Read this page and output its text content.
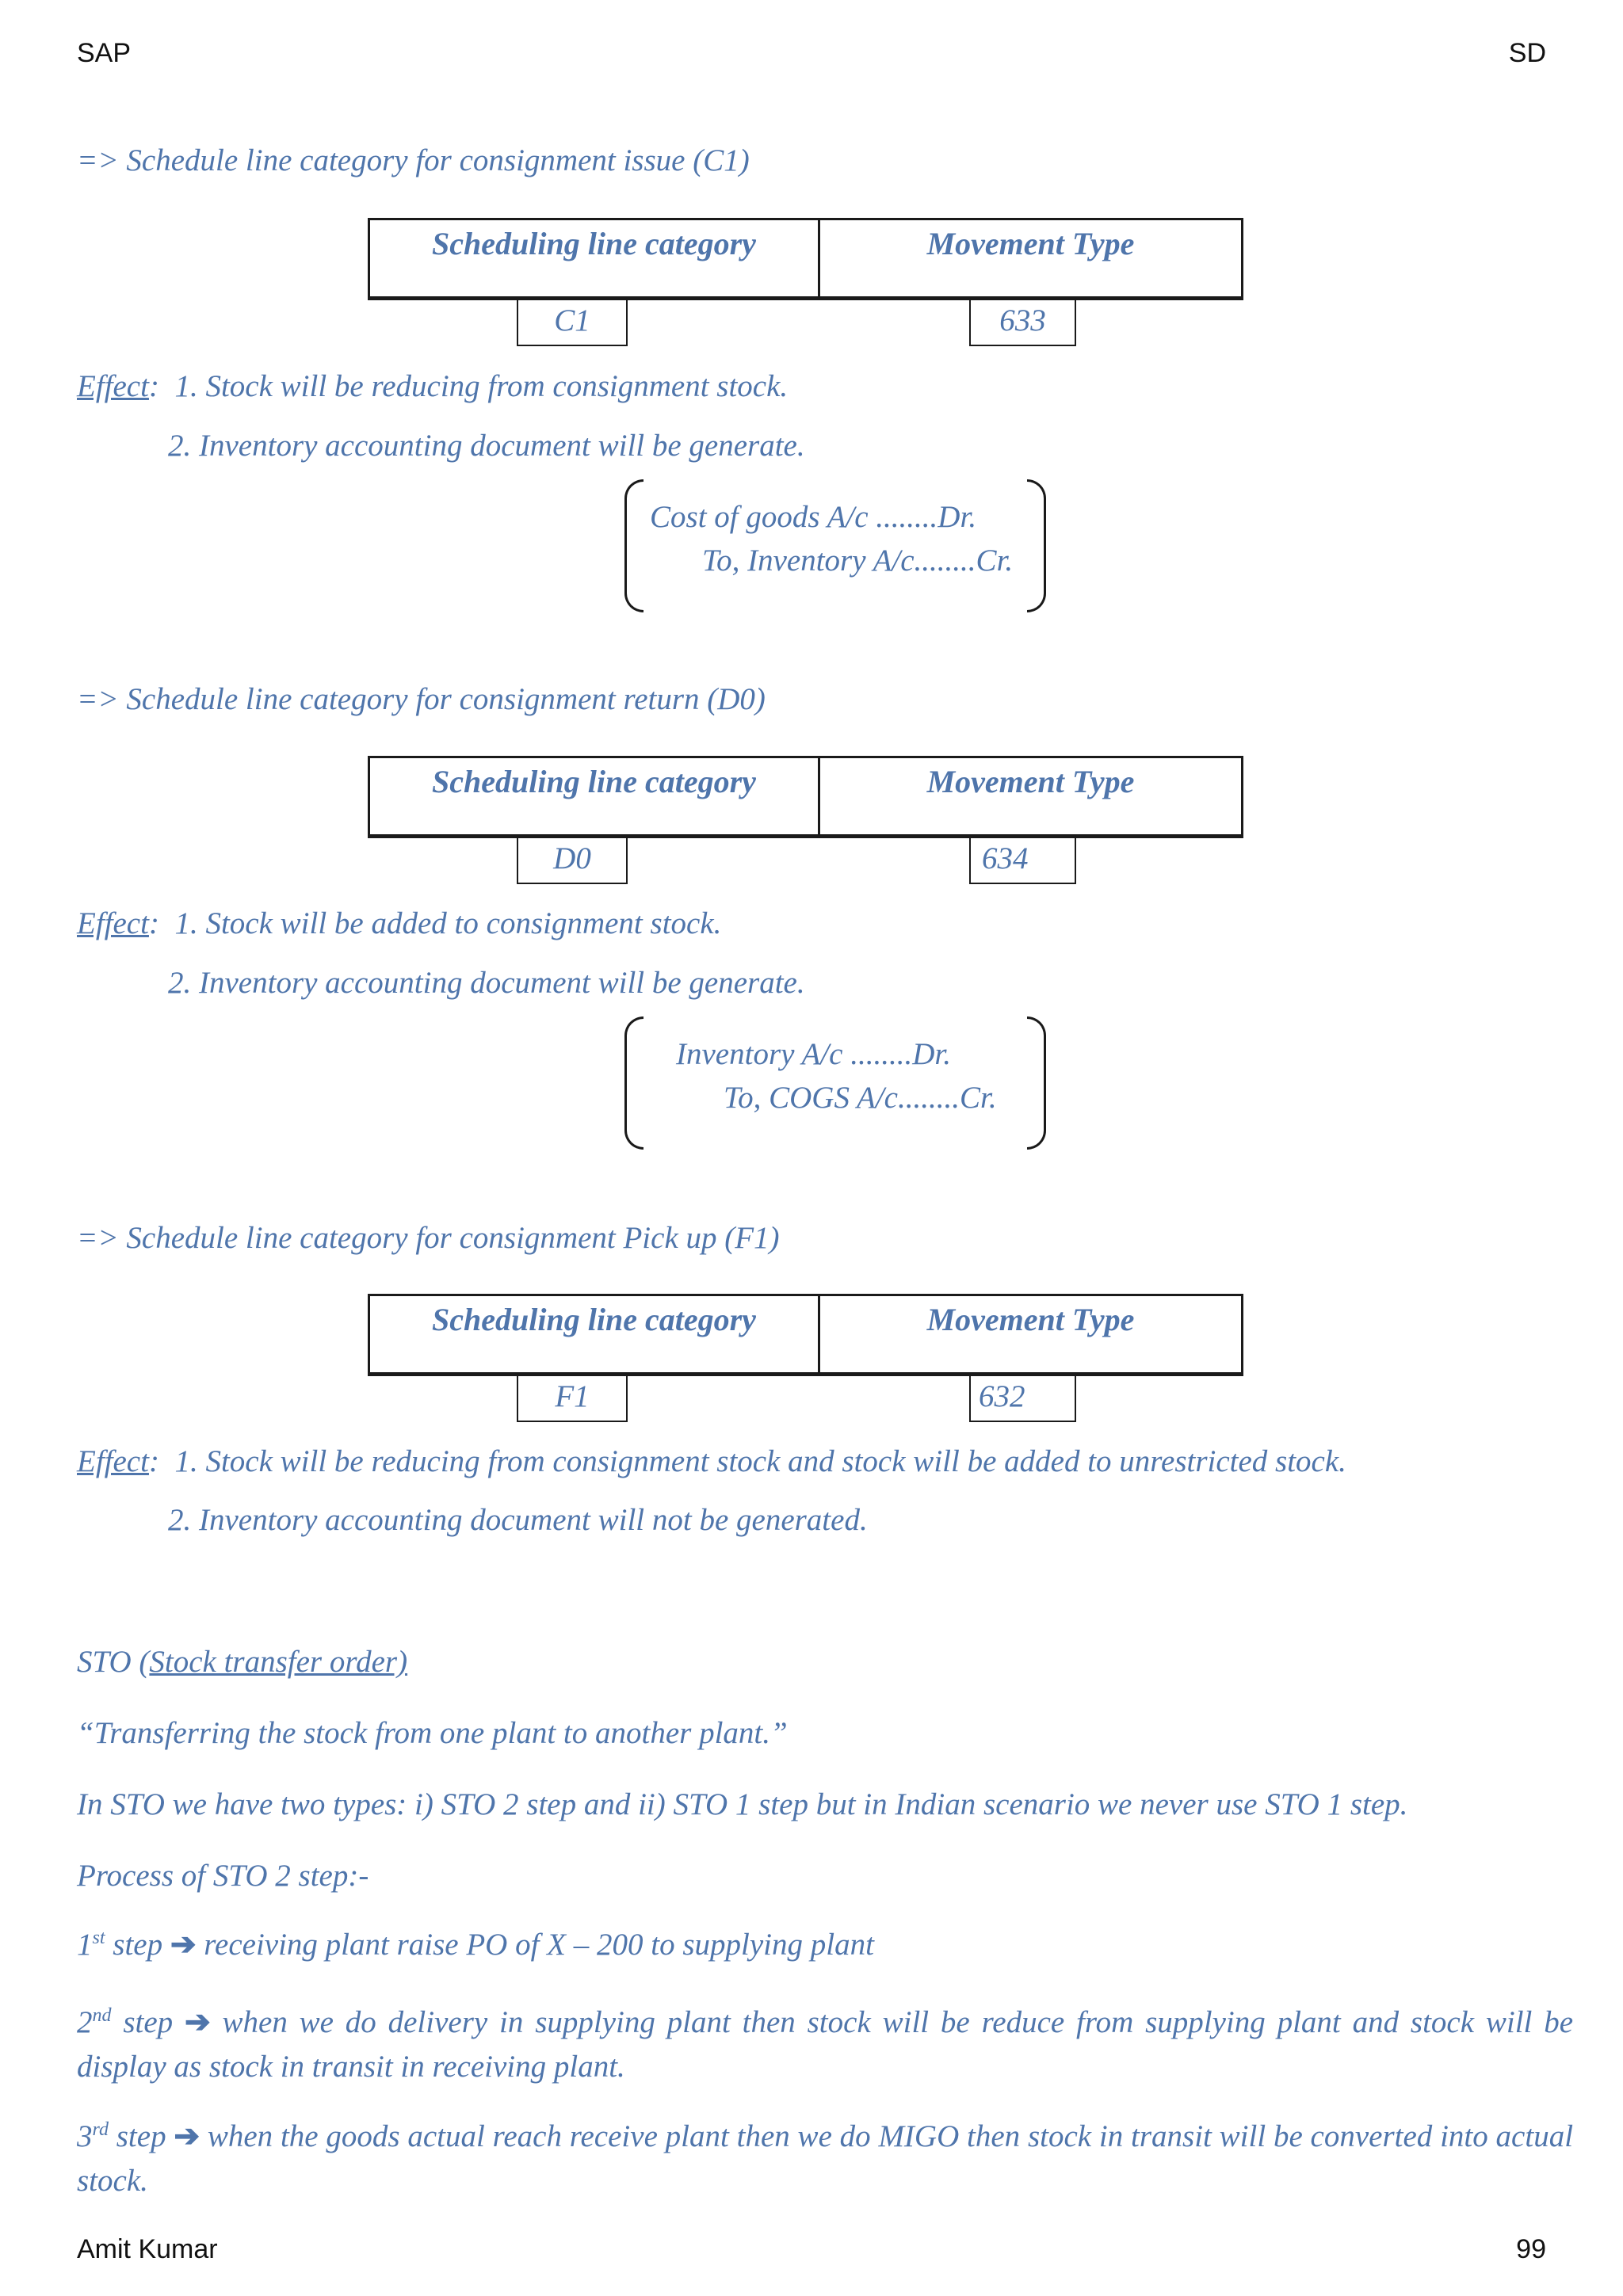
SAP	SD
Amit Kumar	99
=> Schedule line category for consignment issue (C1)
Scheduling line category	Movement Type
C1	633
Effect:  1. Stock will be reducing from consignment stock.
2. Inventory accounting document will be generate.
Cost of goods A/c ........Dr.
To, Inventory A/c........Cr.
=> Schedule line category for consignment return (D0)
Scheduling line category	Movement Type
D0	634
Effect:  1. Stock will be added to consignment stock.
2. Inventory accounting document will be generate.
Inventory A/c ........Dr.
To, COGS A/c........Cr.
=> Schedule line category for consignment Pick up (F1)
Scheduling line category	Movement Type
F1	632
Effect:  1. Stock will be reducing from consignment stock and stock will be added to unrestricted stock.
2. Inventory accounting document will not be generated.
STO (Stock transfer order)
“Transferring the stock from one plant to another plant.”
In STO we have two types: i) STO 2 step and ii) STO 1 step but in Indian scenario we never use STO 1 step.
Process of STO 2 step:-
1st step ➔ receiving plant raise PO of X – 200 to supplying plant
2nd step ➔ when we do delivery in supplying plant then stock will be reduce from supplying plant and stock will be display as stock in transit in receiving plant.
3rd step ➔ when the goods actual reach receive plant then we do MIGO then stock in transit will be converted into actual stock.
